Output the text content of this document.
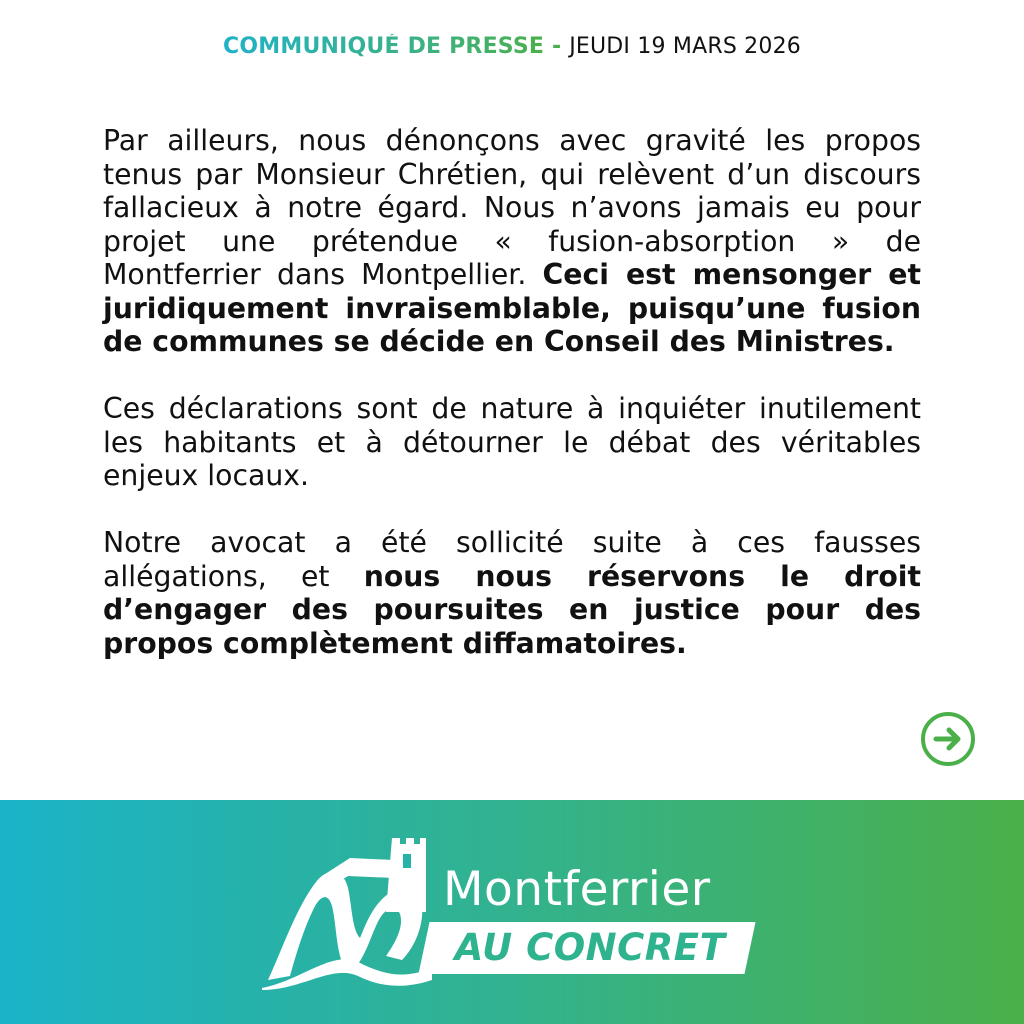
COMMUNIQUÉ DE PRESSE - JEUDI 19 MARS 2026

Par ailleurs, nous dénonçons avec gravité les propos tenus par Monsieur Chrétien, qui relèvent d’un discours fallacieux à notre égard. Nous n’avons jamais eu pour projet une prétendue « fusion-absorption » de Montferrier dans Montpellier. Ceci est mensonger et juridiquement invraisemblable, puisqu’une fusion de communes se décide en Conseil des Ministres.

Ces déclarations sont de nature à inquiéter inutilement les habitants et à détourner le débat des véritables enjeux locaux.

Notre avocat a été sollicité suite à ces fausses allégations, et nous nous réservons le droit d’engager des poursuites en justice pour des propos complètement diffamatoires.

Montferrier
AU CONCRET
